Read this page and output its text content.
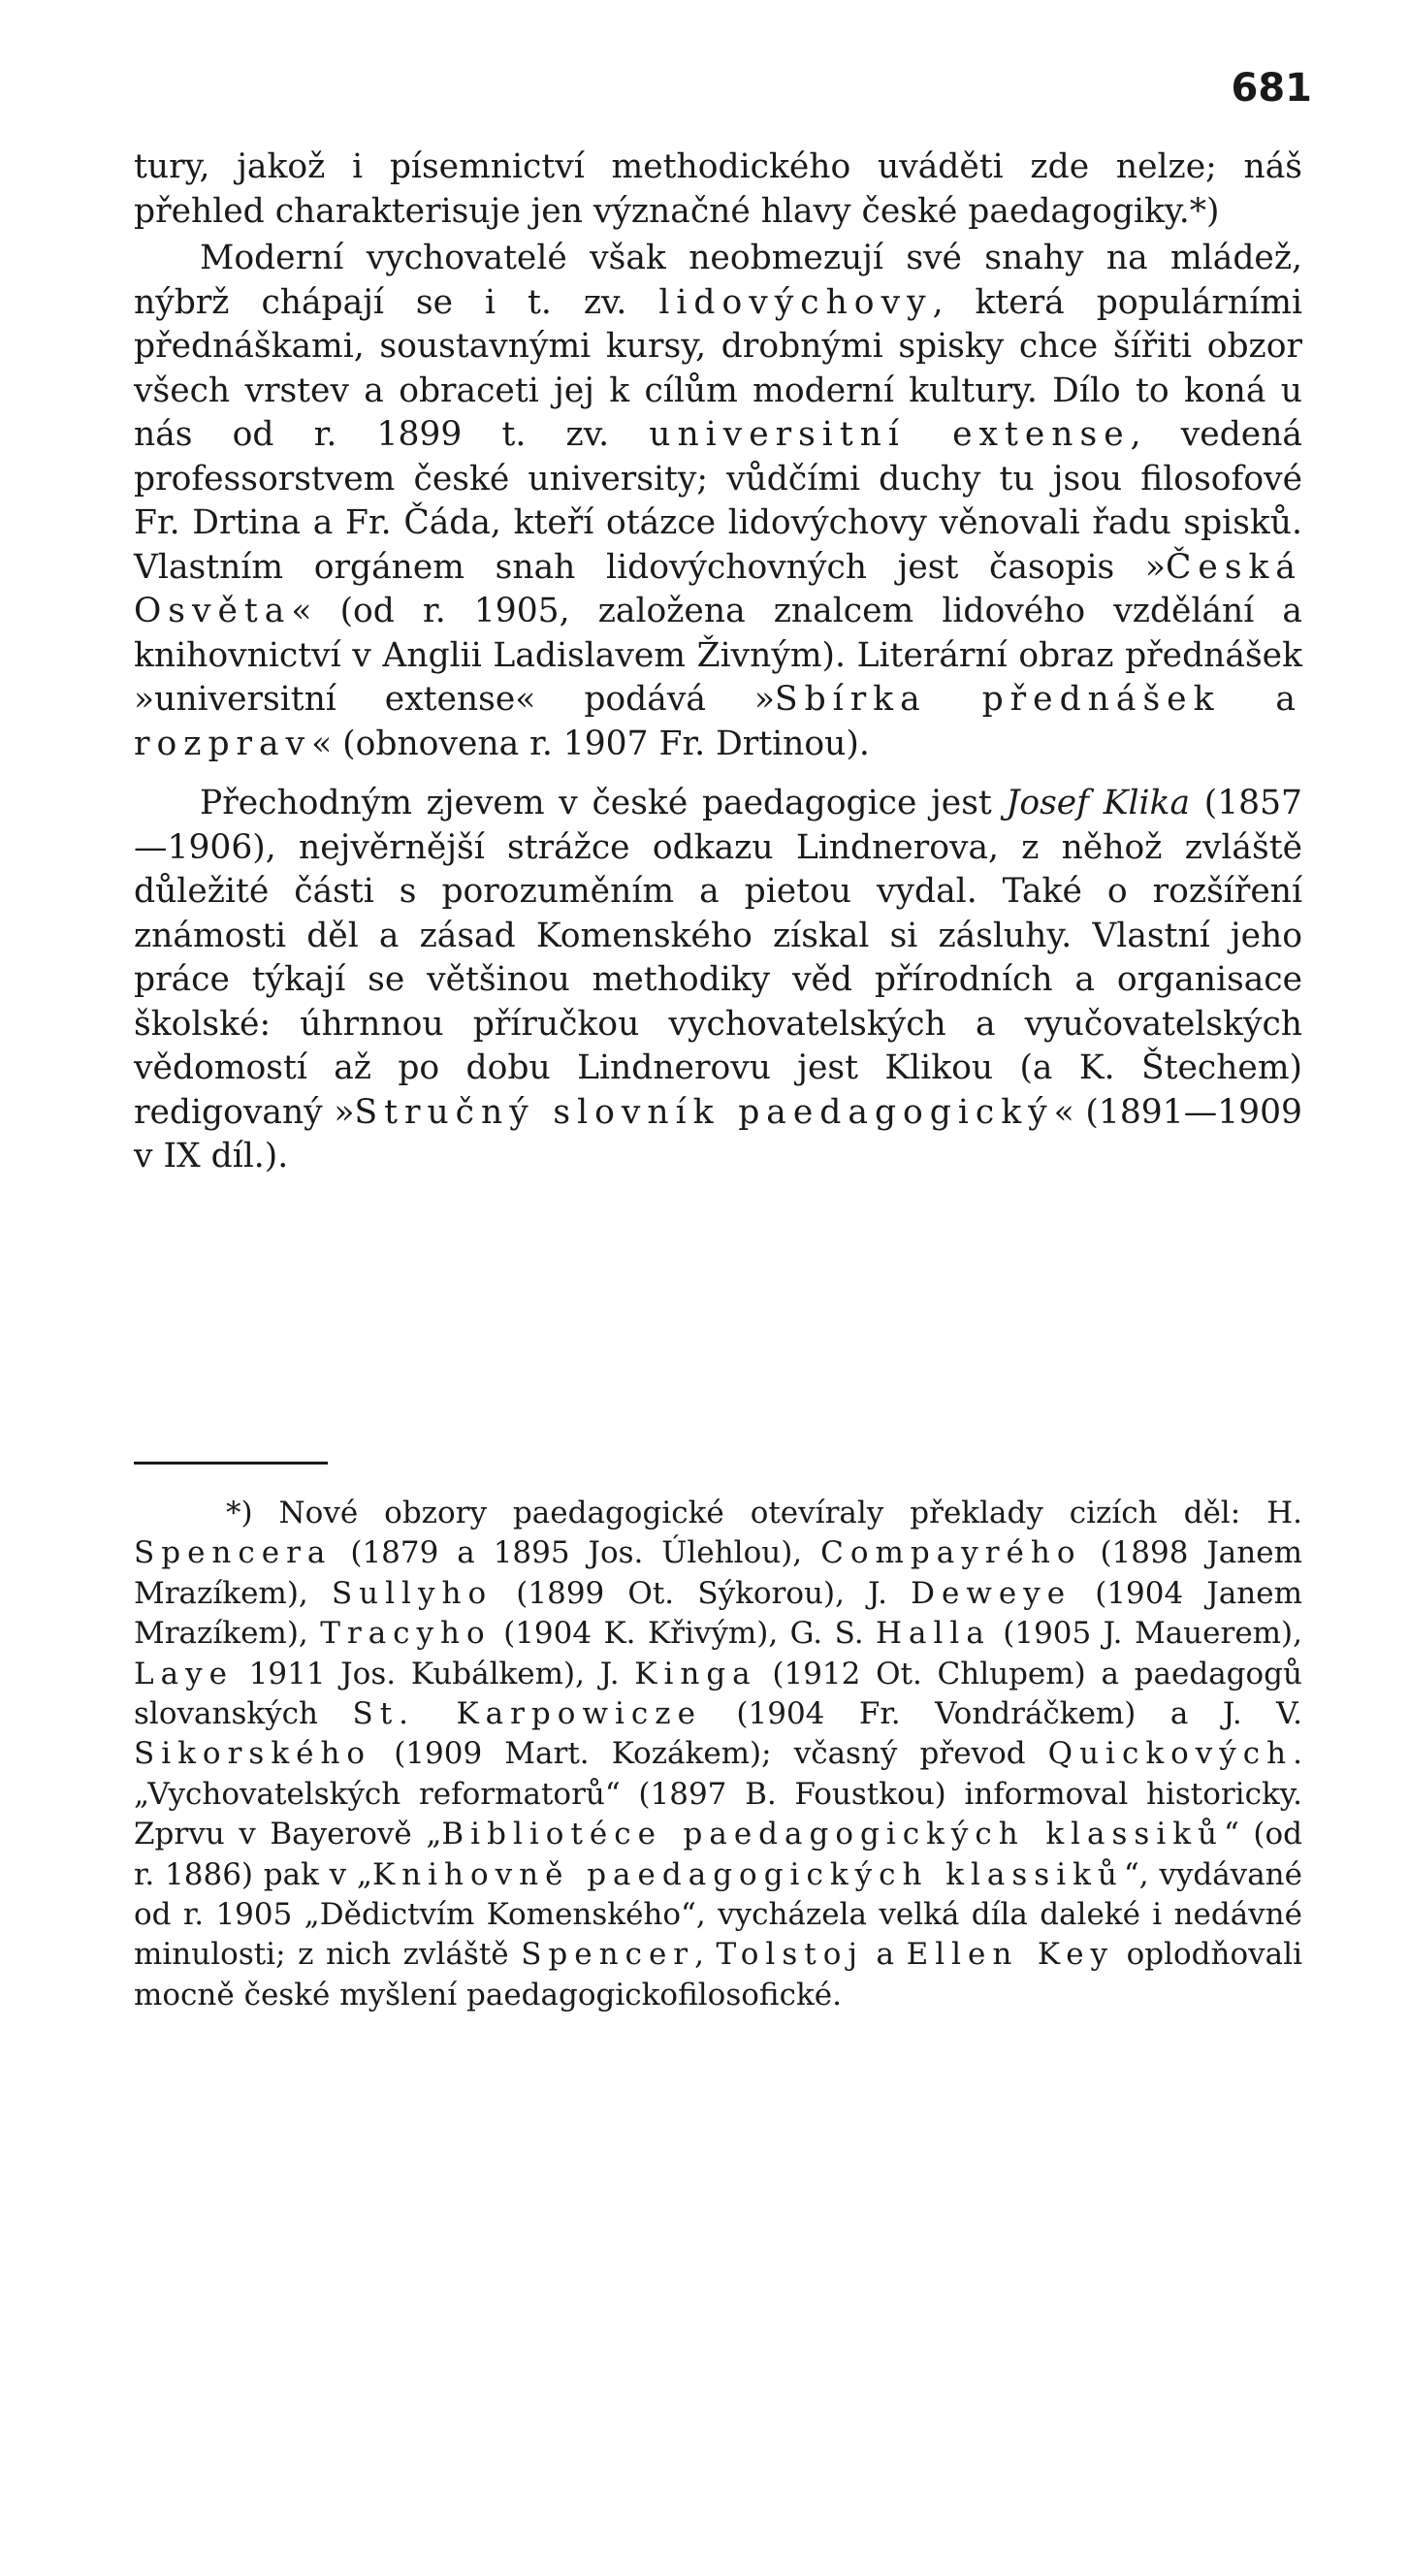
681

tury, jakož i písemnictví methodického uváděti zde nelze; náš přehled charakterisuje jen význačné hlavy české paedagogiky.*)

Moderní vychovatelé však neobmezují své snahy na mládež, nýbrž chápají se i t. zv. lidovýchovy, která populárními přednáškami, soustavnými kursy, drobnými spisky chce šířiti obzor všech vrstev a obraceti jej k cílům moderní kultury. Dílo to koná u nás od r. 1899 t. zv. universitní extense, vedená professorstvem české university; vůdčími duchy tu jsou filosofové Fr. Drtina a Fr. Čáda, kteří otázce lidovýchovy věnovali řadu spisků. Vlastním orgánem snah lidovýchovných jest časopis »Česká Osvěta« (od r. 1905, založena znalcem lidového vzdělání a knihovnictví v Anglii Ladislavem Živným). Literární obraz přednášek »universitní extense« podává »Sbírka přednášek a rozprav« (obnovena r. 1907 Fr. Drtinou).

Přechodným zjevem v české paedagogice jest Josef Klika (1857—1906), nejvěrnější strážce odkazu Lindnerova, z něhož zvláště důležité části s porozuměním a pietou vydal. Také o rozšíření známosti děl a zásad Komenského získal si zásluhy. Vlastní jeho práce týkají se většinou methodiky věd přírodních a organisace školské: úhrnnou příručkou vychovatelských a vyučovatelských vědomostí až po dobu Lindnerovu jest Klikou (a K. Štechem) redigovaný »Stručný slovník paedagogický« (1891—1909 v IX díl.).

*) Nové obzory paedagogické otevíraly překlady cizích děl: H. Spencera (1879 a 1895 Jos. Úlehlou), Compayrého (1898 Janem Mrazíkem), Sullyho (1899 Ot. Sýkorou), J. Deweye (1904 Janem Mrazíkem), Tracyho (1904 K. Křivým), G. S. Halla (1905 J. Mauerem), Laye 1911 Jos. Kubálkem), J. Kinga (1912 Ot. Chlupem) a paedagogů slovanských St. Karpowicze (1904 Fr. Vondráčkem) a J. V. Sikorského (1909 Mart. Kozákem); včasný převod Quickových. „Vychovatelských reformatorů“ (1897 B. Foustkou) informoval historicky. Zprvu v Bayerově „Bibliotéce paedagogických klassiků“ (od r. 1886) pak v „Knihovně paedagogických klassiků“, vydávané od r. 1905 „Dědictvím Komenského“, vycházela velká díla daleké i nedávné minulosti; z nich zvláště Spencer, Tolstoj a Ellen Key oplodňovali mocně české myšlení paedagogickofilosofické.
